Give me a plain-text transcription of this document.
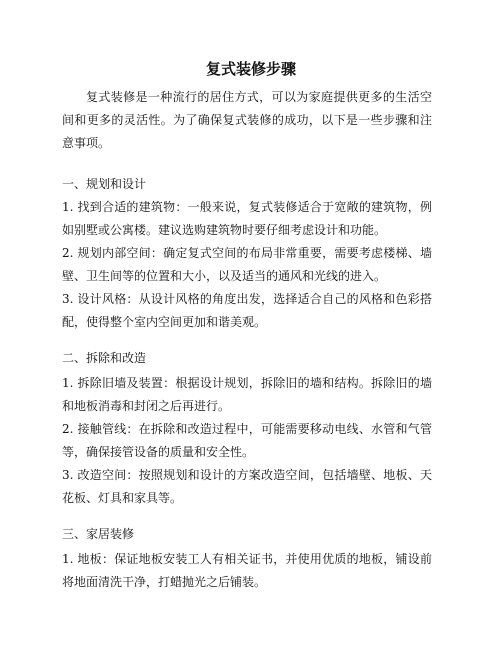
复式装修步骤

复式装修是一种流行的居住方式，可以为家庭提供更多的生活空间和更多的灵活性。为了确保复式装修的成功，以下是一些步骤和注意事项。

一、规划和设计

1. 找到合适的建筑物：一般来说，复式装修适合于宽敞的建筑物，例如别墅或公寓楼。建议选购建筑物时要仔细考虑设计和功能。

2. 规划内部空间：确定复式空间的布局非常重要，需要考虑楼梯、墙壁、卫生间等的位置和大小，以及适当的通风和光线的进入。

3. 设计风格：从设计风格的角度出发，选择适合自己的风格和色彩搭配，使得整个室内空间更加和谐美观。

二、拆除和改造

1. 拆除旧墙及装置：根据设计规划，拆除旧的墙和结构。拆除旧的墙和地板消毒和封闭之后再进行。

2. 接触管线：在拆除和改造过程中，可能需要移动电线、水管和气管等，确保接管设备的质量和安全性。

3. 改造空间：按照规划和设计的方案改造空间，包括墙壁、地板、天花板、灯具和家具等。

三、家居装修

1. 地板：保证地板安装工人有相关证书，并使用优质的地板，铺设前将地面清洗干净，打蜡抛光之后铺装。
